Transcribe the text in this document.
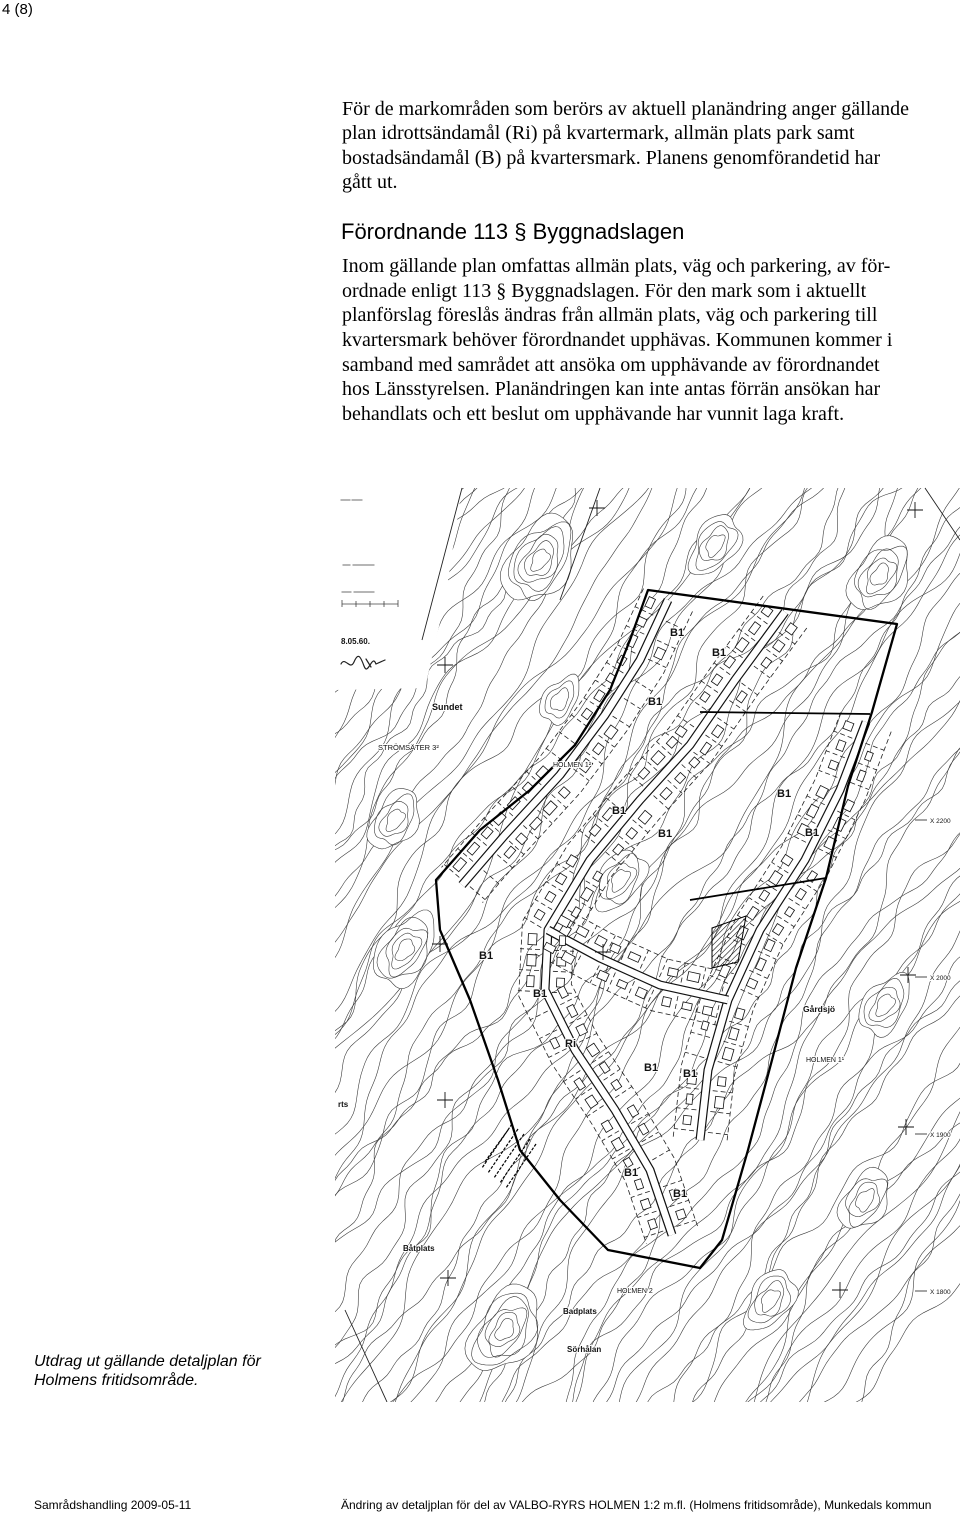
4 (8)
För de markområden som berörs av aktuell planändring anger gällande
plan idrottsändamål (Ri) på kvartermark, allmän plats park samt
bostadsändamål (B) på kvartersmark. Planens genomförandetid har
gått ut.
Förordnande 113 § Byggnadslagen
Inom gällande plan omfattas allmän plats, väg och parkering, av för-
ordnade enligt 113 § Byggnadslagen. För den mark som i aktuellt
planförslag föreslås ändras från allmän plats, väg och parkering till
kvartersmark behöver förordnandet upphävas. Kommunen kommer i
samband med samrådet att ansöka om upphävande av förordnandet
hos Länsstyrelsen. Planändringen kan inte antas förrän ansökan har
behandlats och ett beslut om upphävande har vunnit laga kraft.
8.05.60.
Sundet
STRÖMSÄTER 3²
HOLMEN 1²
Gårdsjö
HOLMEN 1¹
rts
Båtplats
HOLMEN 2
Badplats
Sörhålan
X 2200
X 2000
X 1900
X 1800
B1
B1
B1
B1
B1
B1	B1
B1
B1
B1 B1
B1
B1
Ri
Utdrag ut gällande detaljplan för
Holmens fritidsområde.
Samrådshandling 2009-05-11	Ändring av detaljplan för del av VALBO-RYRS HOLMEN 1:2 m.fl. (Holmens fritidsområde), Munkedals kommun
